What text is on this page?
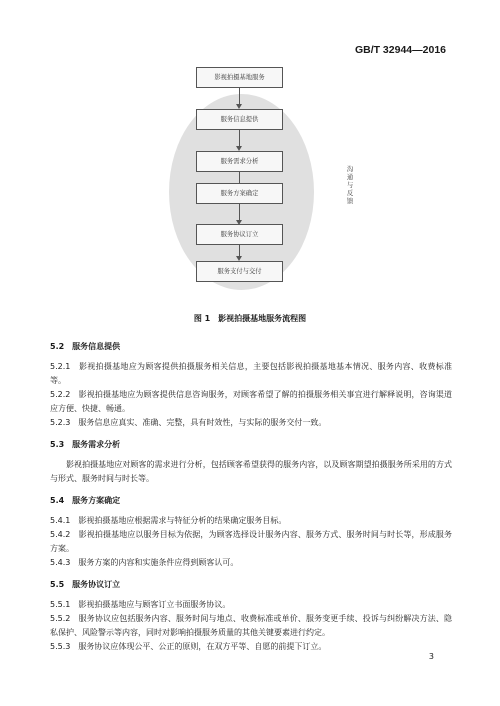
GB/T 32944—2016
影视拍摄基地服务
服务信息提供
服务需求分析
服务方案确定
服务协议订立
服务支付与交付
沟通与反馈
图 1　影视拍摄基地服务流程图
5.2　服务信息提供

5.2.1　影视拍摄基地应为顾客提供拍摄服务相关信息，主要包括影视拍摄基地基本情况、服务内容、收费标准等。

5.2.2　影视拍摄基地应为顾客提供信息咨询服务，对顾客希望了解的拍摄服务相关事宜进行解释说明，咨询渠道应方便、快捷、畅通。

5.2.3　服务信息应真实、准确、完整，具有时效性，与实际的服务交付一致。

5.3　服务需求分析

影视拍摄基地应对顾客的需求进行分析，包括顾客希望获得的服务内容，以及顾客期望拍摄服务所采用的方式与形式、服务时间与时长等。

5.4　服务方案确定

5.4.1　影视拍摄基地应根据需求与特征分析的结果确定服务目标。

5.4.2　影视拍摄基地应以服务目标为依据，为顾客选择设计服务内容、服务方式、服务时间与时长等，形成服务方案。

5.4.3　服务方案的内容和实施条件应得到顾客认可。

5.5　服务协议订立

5.5.1　影视拍摄基地应与顾客订立书面服务协议。

5.5.2　服务协议应包括服务内容、服务时间与地点、收费标准或单价、服务变更手续、投诉与纠纷解决方法、隐私保护、风险警示等内容，同时对影响拍摄服务质量的其他关键要素进行约定。

5.5.3　服务协议应体现公平、公正的原则，在双方平等、自愿的前提下订立。

3
